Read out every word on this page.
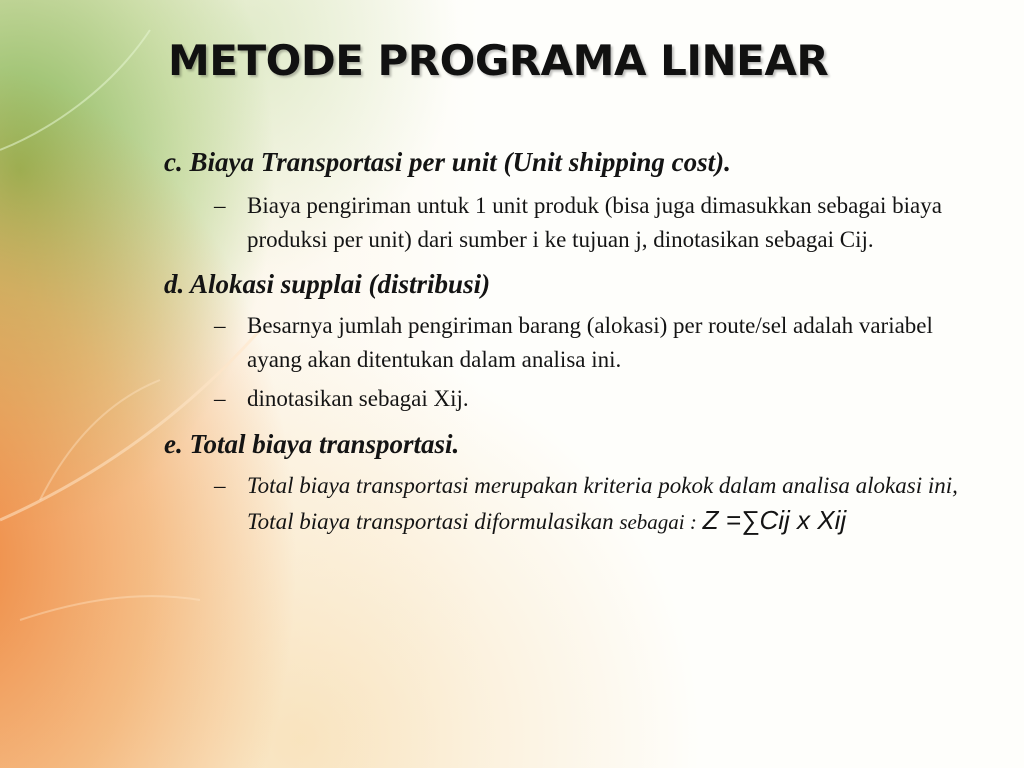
METODE PROGRAMA LINEAR

c. Biaya Transportasi per unit (Unit shipping cost).

– Biaya pengiriman untuk 1 unit produk (bisa juga dimasukkan sebagai biaya produksi per unit) dari sumber i ke tujuan j, dinotasikan sebagai Cij.

d. Alokasi supplai (distribusi)

– Besarnya jumlah pengiriman barang (alokasi) per route/sel adalah variabel ayang akan ditentukan dalam analisa ini.

– dinotasikan sebagai Xij.

e. Total biaya transportasi.

– Total biaya transportasi merupakan kriteria pokok dalam analisa alokasi ini, Total biaya transportasi diformulasikan sebagai : Z =∑Cij x Xij
